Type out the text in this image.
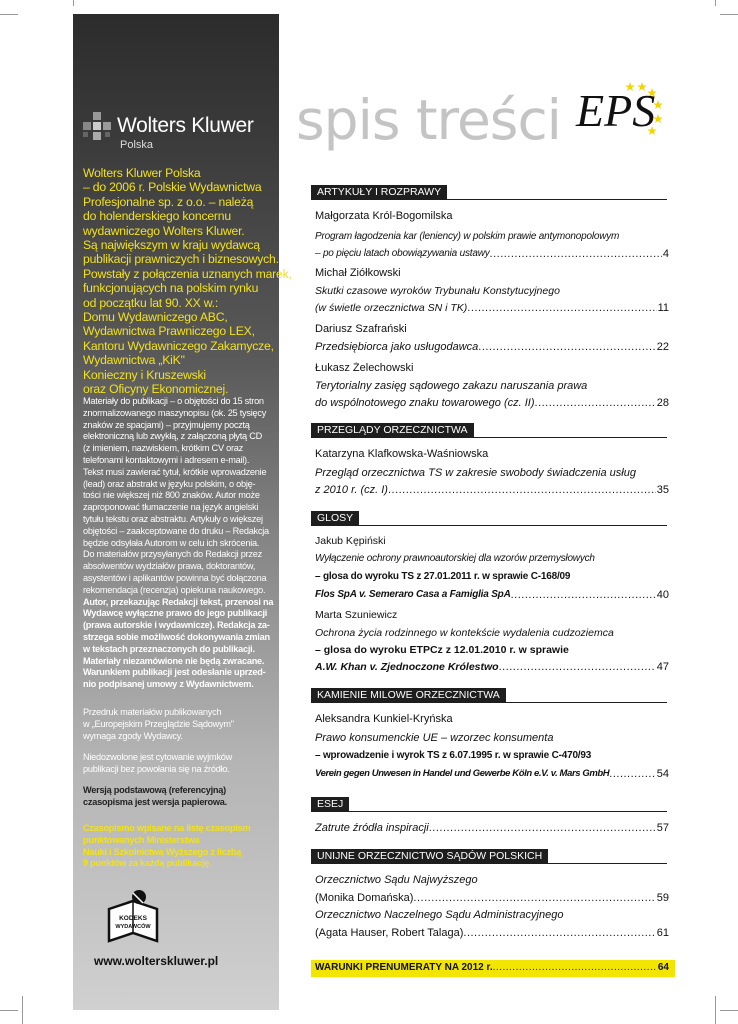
Wolters Kluwer
Polska
Wolters Kluwer Polska
– do 2006 r. Polskie Wydawnictwa
Profesjonalne sp. z o.o. – należą
do holenderskiego koncernu
wydawniczego Wolters Kluwer.
Są największym w kraju wydawcą
publikacji prawniczych i biznesowych.
Powstały z połączenia uznanych marek,
funkcjonujących na polskim rynku
od początku lat 90. XX w.:
Domu Wydawniczego ABC,
Wydawnictwa Prawniczego LEX,
Kantoru Wydawniczego Zakamycze,
Wydawnictwa „KiK"
Konieczny i Kruszewski
oraz Oficyny Ekonomicznej.
Materiały do publikacji – o objętości do 15 stron
znormalizowanego maszynopisu (ok. 25 tysięcy
znaków ze spacjami) – przyjmujemy pocztą
elektroniczną lub zwykłą, z załączoną płytą CD
(z imieniem, nazwiskiem, krótkim CV oraz
telefonami kontaktowymi i adresem e-mail).
Tekst musi zawierać tytuł, krótkie wprowadzenie
(lead) oraz abstrakt w języku polskim, o obję-
tości nie większej niż 800 znaków. Autor może
zaproponować tłumaczenie na język angielski
tytułu tekstu oraz abstraktu. Artykuły o większej
objętości – zaakceptowane do druku – Redakcja
będzie odsyłała Autorom w celu ich skrócenia.
Do materiałów przysyłanych do Redakcji przez
absolwentów wydziałów prawa, doktorantów,
asystentów i aplikantów powinna być dołączona
rekomendacja (recenzja) opiekuna naukowego.
Autor, przekazując Redakcji tekst, przenosi na
Wydawcę wyłączne prawo do jego publikacji
(prawa autorskie i wydawnicze). Redakcja za-
strzega sobie możliwość dokonywania zmian
w tekstach przeznaczonych do publikacji.
Materiały niezamówione nie będą zwracane.
Warunkiem publikacji jest odesłanie uprzed-
nio podpisanej umowy z Wydawnictwem.
Przedruk materiałów publikowanych
w „Europejskim Przeglądzie Sądowym"
wymaga zgody Wydawcy.
Niedozwolone jest cytowanie wyjmków
publikacji bez powołania się na źródło.
Wersją podstawową (referencyjną)
czasopisma jest wersja papierowa.
Czasopismo wpisane na listę czasopism
punktowanych Ministerstwa
Nauki i Szkolnictwa Wyższego z liczbą
9 punktów za każdą publikację.
KODEKS
WYDAWCÓW
www.wolterskluwer.pl
spis treści EPS
ARTYKUŁY I ROZPRAWY
Małgorzata Król-Bogomilska
Program łagodzenia kar (leniency) w polskim prawie antymonopolowym
– po pięciu latach obowiązywania ustawy .....	4
Michał Ziółkowski
Skutki czasowe wyroków Trybunału Konstytucyjnego
(w świetle orzecznictwa SN i TK) .....	11
Dariusz Szafrański
Przedsiębiorca jako usługodawca .....	22
Łukasz Żelechowski
Terytorialny zasięg sądowego zakazu naruszania prawa
do wspólnotowego znaku towarowego (cz. II) .....	28
PRZEGLĄDY ORZECZNICTWA
Katarzyna Klafkowska-Waśniowska
Przegląd orzecznictwa TS w zakresie swobody świadczenia usług
z 2010 r. (cz. I) .....	35
GLOSY
Jakub Kępiński
Wyłączenie ochrony prawnoautorskiej dla wzorów przemysłowych
– glosa do wyroku TS z 27.01.2011 r. w sprawie C-168/09
Flos SpA v. Semeraro Casa a Famiglia SpA .....	40
Marta Szuniewicz
Ochrona życia rodzinnego w kontekście wydalenia cudzoziemca
– glosa do wyroku ETPCz z 12.01.2010 r. w sprawie
A.W. Khan v. Zjednoczone Królestwo .....	47
KAMIENIE MILOWE ORZECZNICTWA
Aleksandra Kunkiel-Kryńska
Prawo konsumenckie UE – wzorzec konsumenta
– wprowadzenie i wyrok TS z 6.07.1995 r. w sprawie C-470/93
Verein gegen Unwesen in Handel und Gewerbe Köln e.V. v. Mars GmbH .....	54
ESEJ
Zatrute źródła inspiracji .....	57
UNIJNE ORZECZNICTWO SĄDÓW POLSKICH
Orzecznictwo Sądu Najwyższego
(Monika Domańska) .....	59
Orzecznictwo Naczelnego Sądu Administracyjnego
(Agata Hauser, Robert Talaga) .....	61
WARUNKI PRENUMERATY NA 2012 r. .....	64
